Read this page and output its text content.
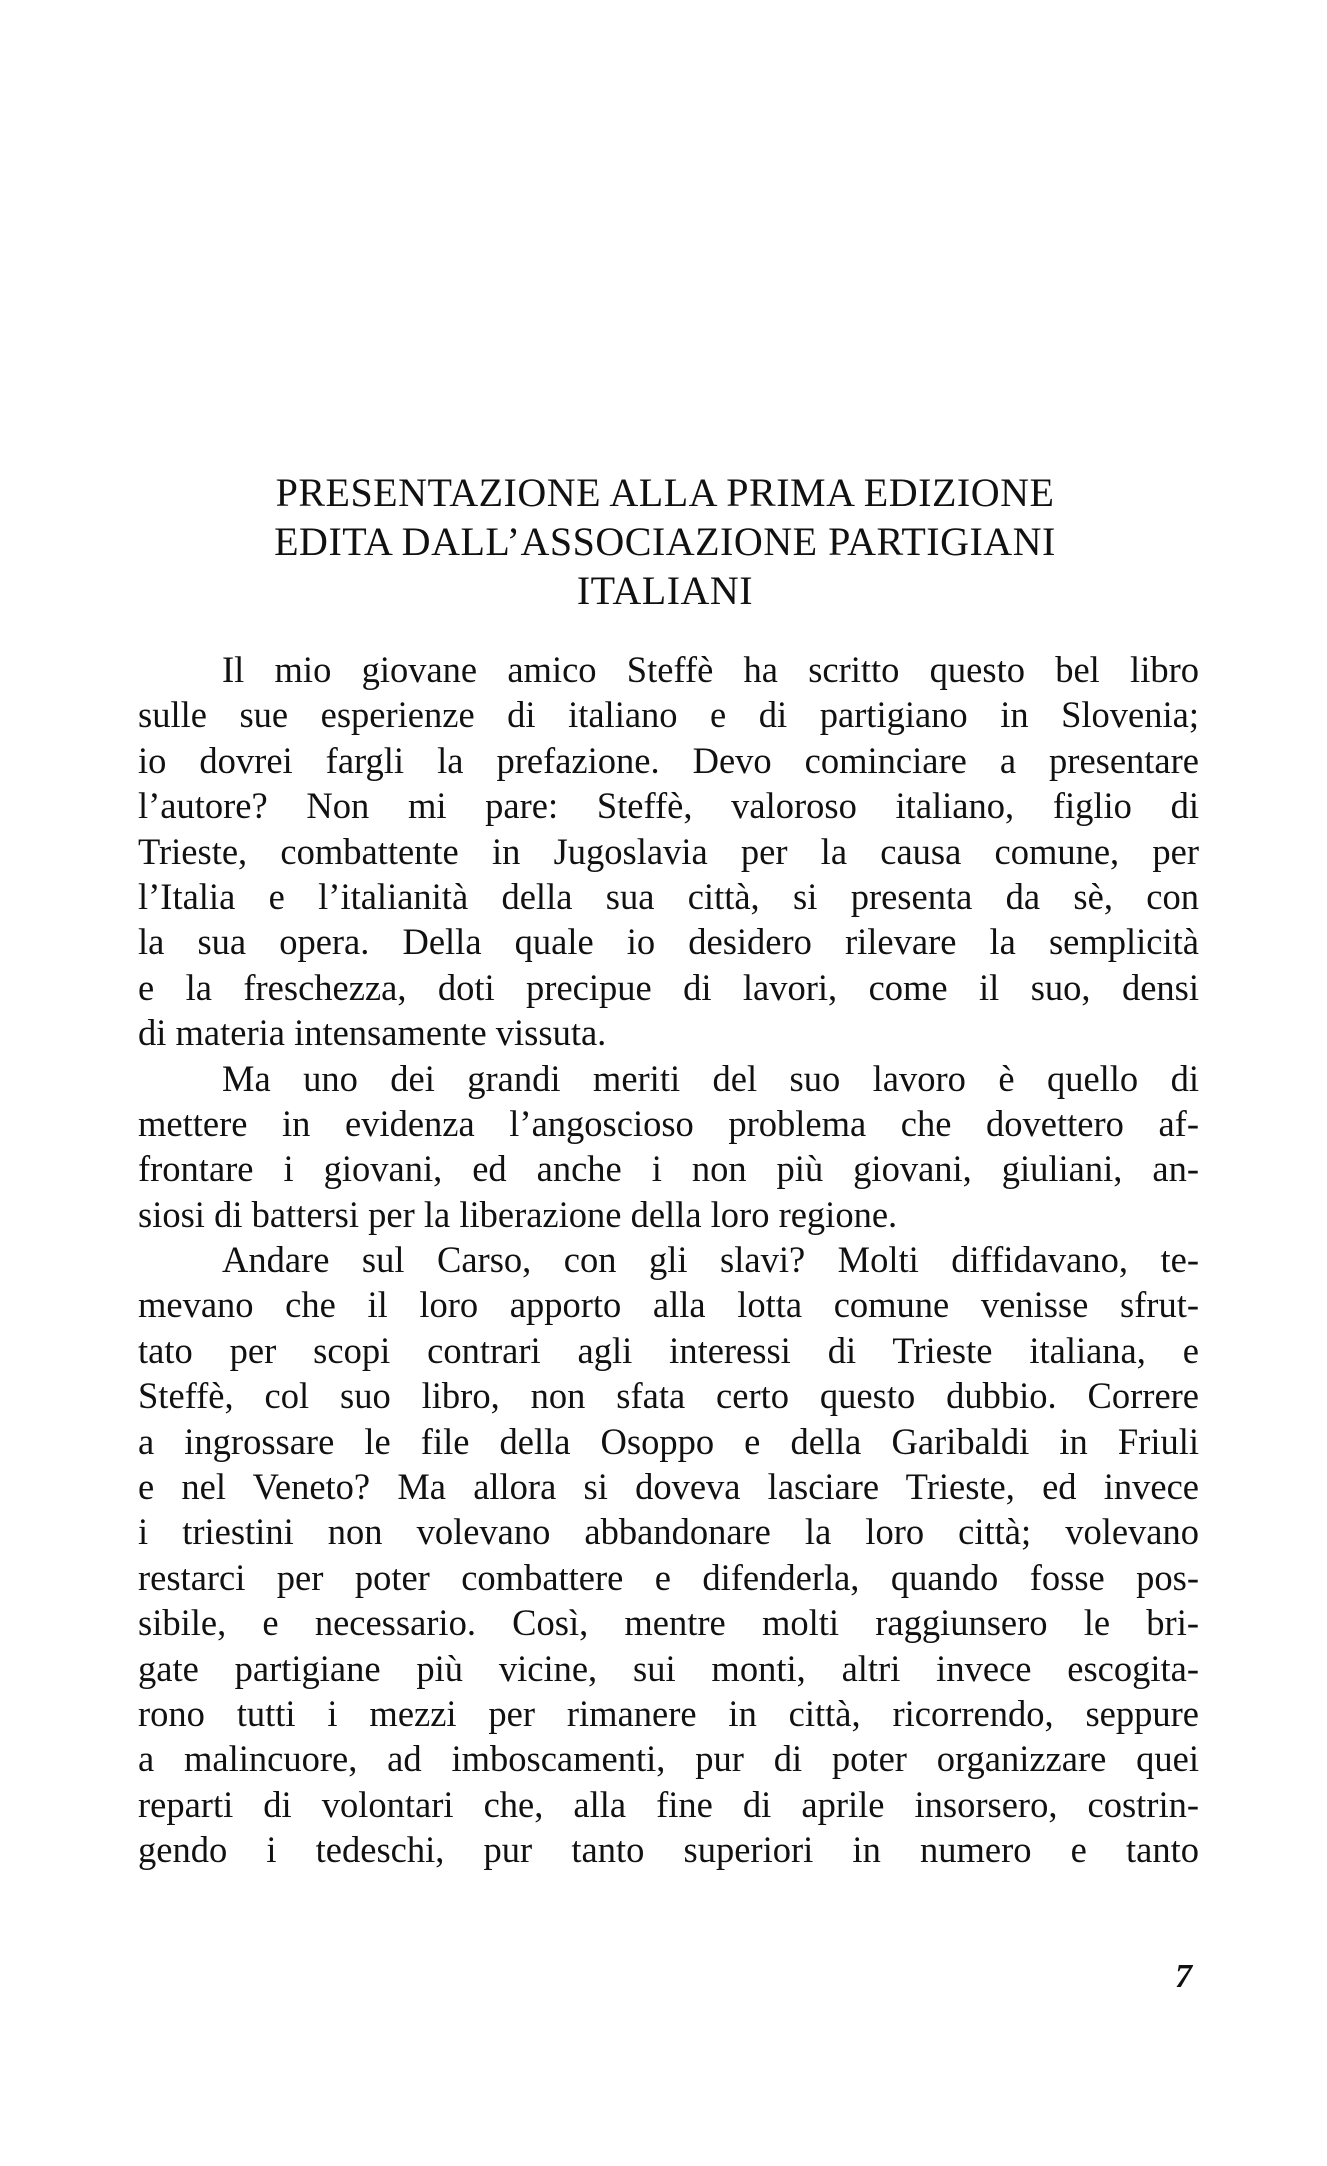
PRESENTAZIONE ALLA PRIMA EDIZIONE
EDITA DALL’ASSOCIAZIONE PARTIGIANI
ITALIANI
Il mio giovane amico Steffè ha scritto questo bel libro
sulle sue esperienze di italiano e di partigiano in Slovenia;
io dovrei fargli la prefazione. Devo cominciare a presentare
l’autore? Non mi pare: Steffè, valoroso italiano, figlio di
Trieste, combattente in Jugoslavia per la causa comune, per
l’Italia e l’italianità della sua città, si presenta da sè, con
la sua opera. Della quale io desidero rilevare la semplicità
e la freschezza, doti precipue di lavori, come il suo, densi
di materia intensamente vissuta.
Ma uno dei grandi meriti del suo lavoro è quello di
mettere in evidenza l’angoscioso problema che dovettero af-
frontare i giovani, ed anche i non più giovani, giuliani, an-
siosi di battersi per la liberazione della loro regione.
Andare sul Carso, con gli slavi? Molti diffidavano, te-
mevano che il loro apporto alla lotta comune venisse sfrut-
tato per scopi contrari agli interessi di Trieste italiana, e
Steffè, col suo libro, non sfata certo questo dubbio. Correre
a ingrossare le file della Osoppo e della Garibaldi in Friuli
e nel Veneto? Ma allora si doveva lasciare Trieste, ed invece
i triestini non volevano abbandonare la loro città; volevano
restarci per poter combattere e difenderla, quando fosse pos-
sibile, e necessario. Così, mentre molti raggiunsero le bri-
gate partigiane più vicine, sui monti, altri invece escogita-
rono tutti i mezzi per rimanere in città, ricorrendo, seppure
a malincuore, ad imboscamenti, pur di poter organizzare quei
reparti di volontari che, alla fine di aprile insorsero, costrin-
gendo i tedeschi, pur tanto superiori in numero e tanto
7
